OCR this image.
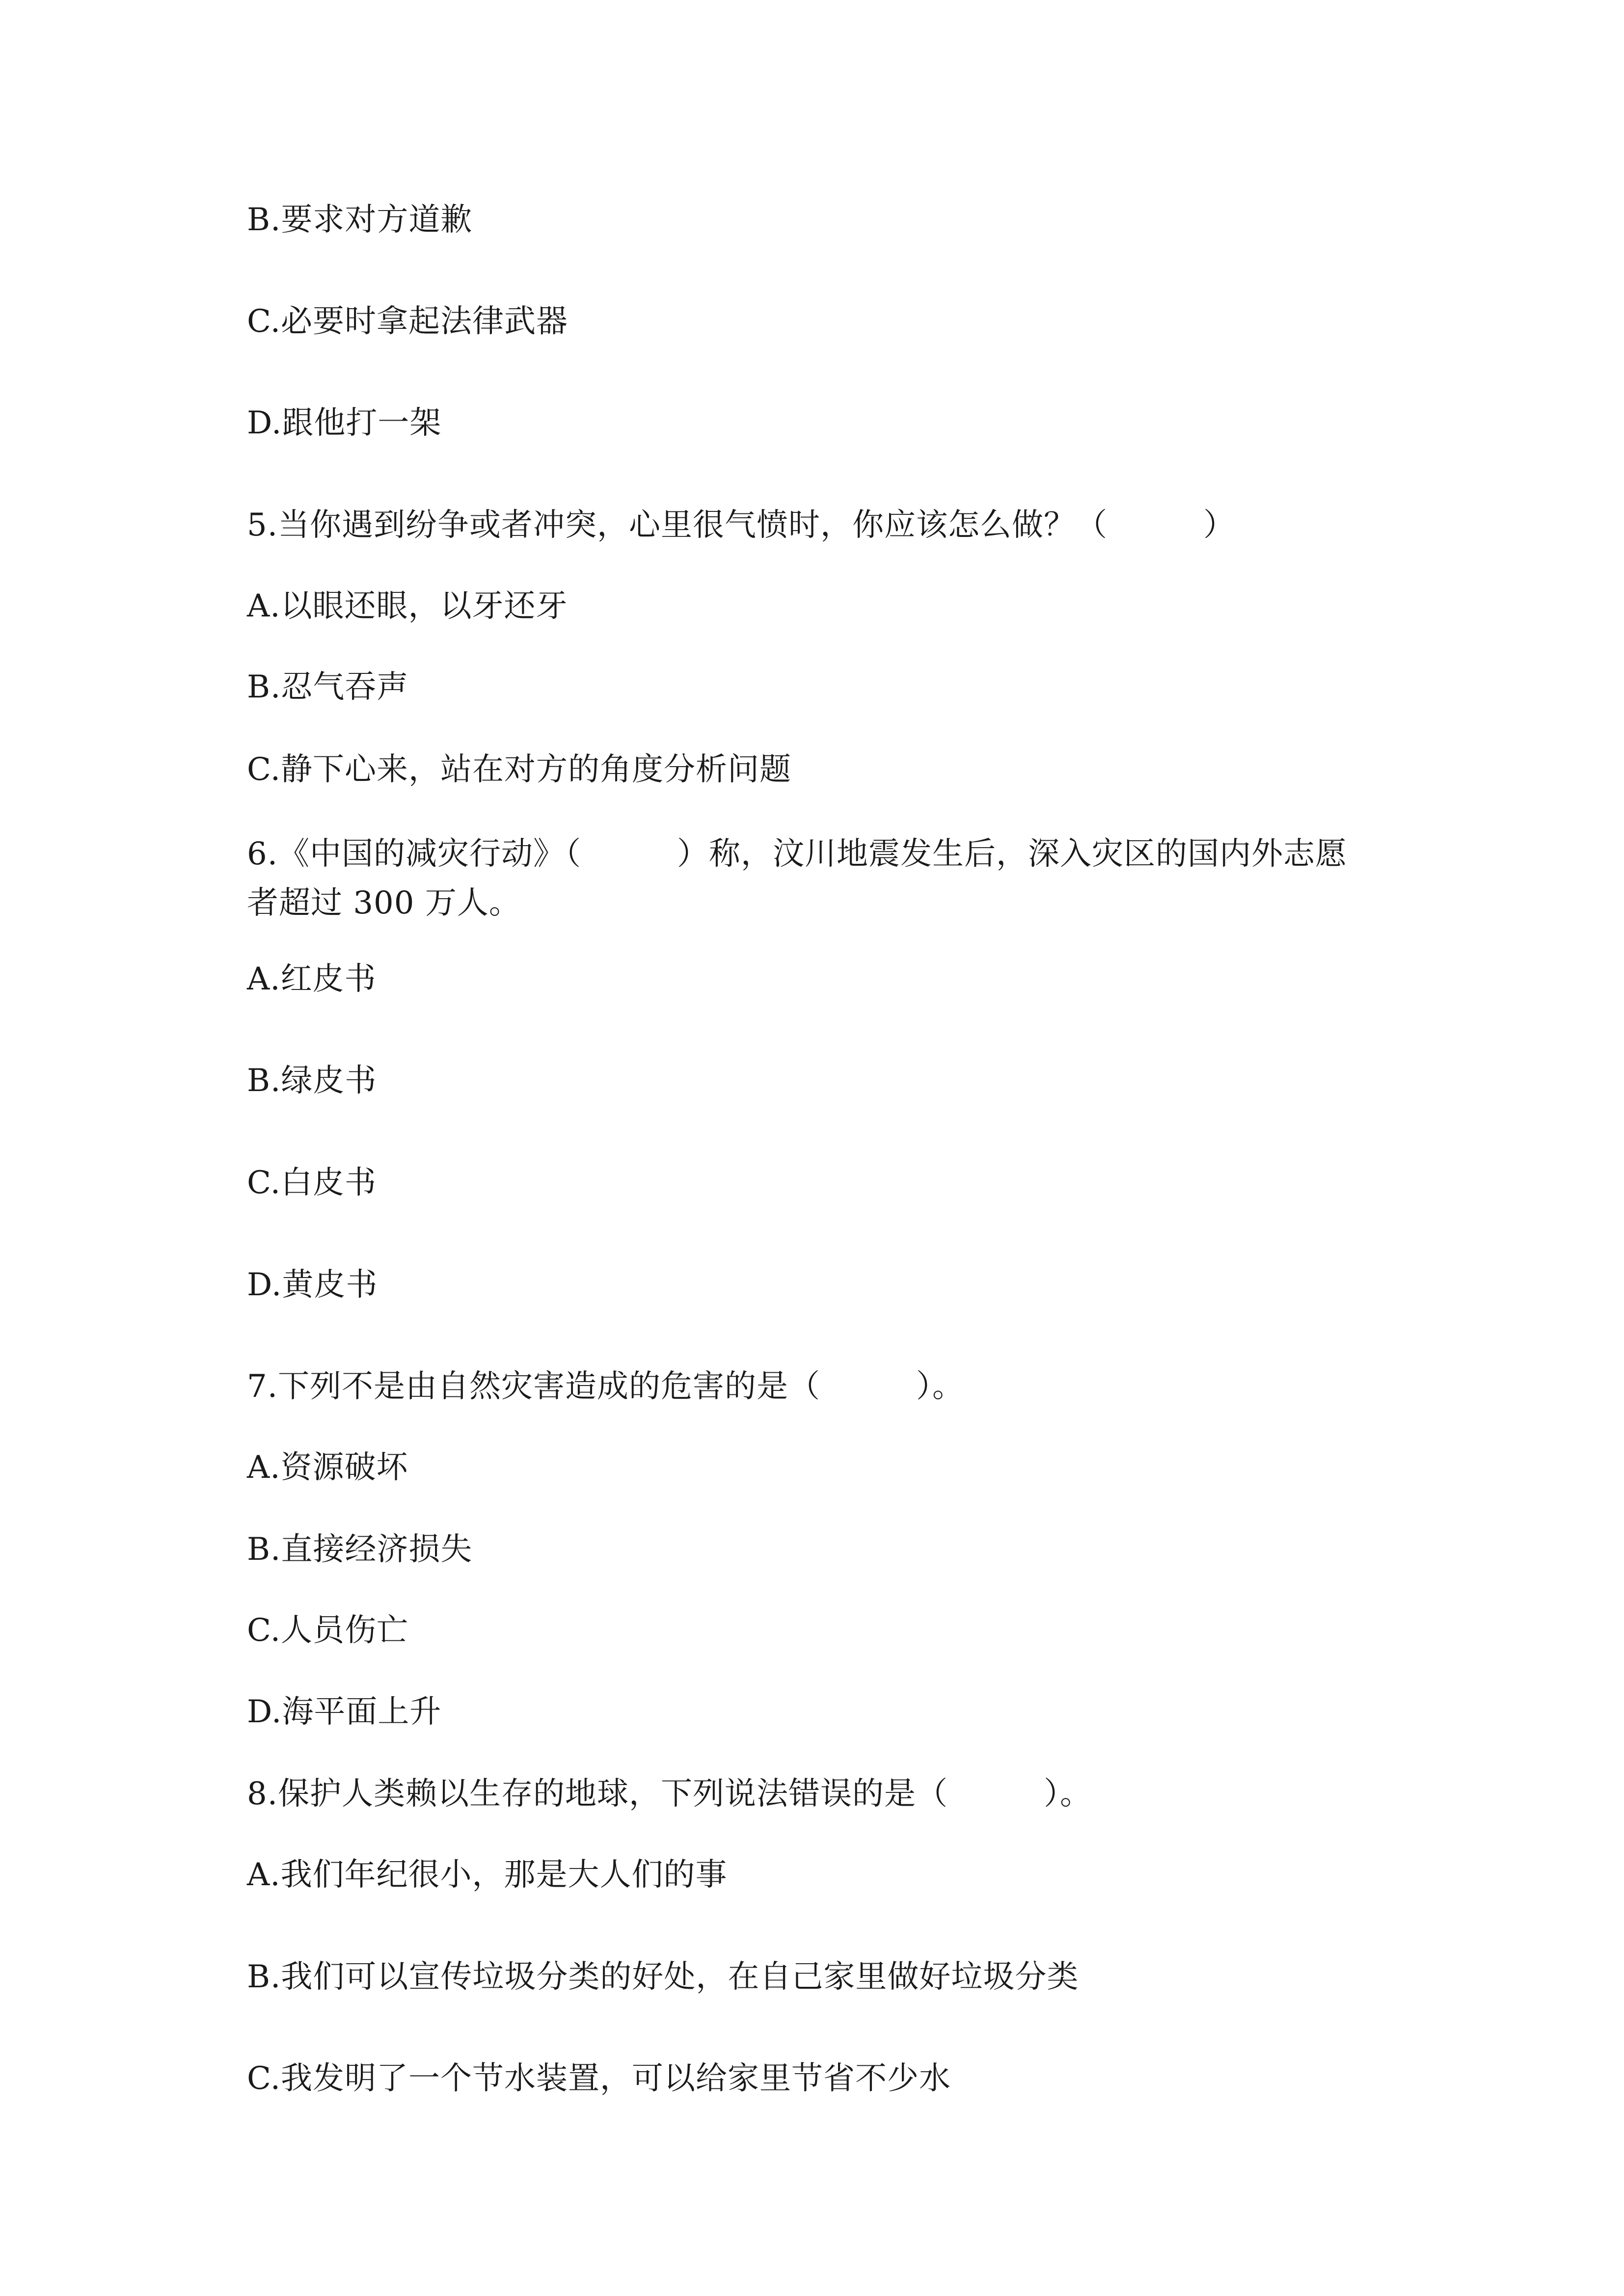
B.要求对方道歉
C.必要时拿起法律武器
D.跟他打一架
5.当你遇到纷争或者冲突，心里很气愤时，你应该怎么做？（　　　）
A.以眼还眼，以牙还牙
B.忍气吞声
C.静下心来，站在对方的角度分析问题
6.《中国的减灾行动》（　　　）称，汶川地震发生后，深入灾区的国内外志愿
者超过 300 万人。
A.红皮书
B.绿皮书
C.白皮书
D.黄皮书
7.下列不是由自然灾害造成的危害的是（　　　）。
A.资源破坏
B.直接经济损失
C.人员伤亡
D.海平面上升
8.保护人类赖以生存的地球，下列说法错误的是（　　　）。
A.我们年纪很小，那是大人们的事
B.我们可以宣传垃圾分类的好处，在自己家里做好垃圾分类
C.我发明了一个节水装置，可以给家里节省不少水
